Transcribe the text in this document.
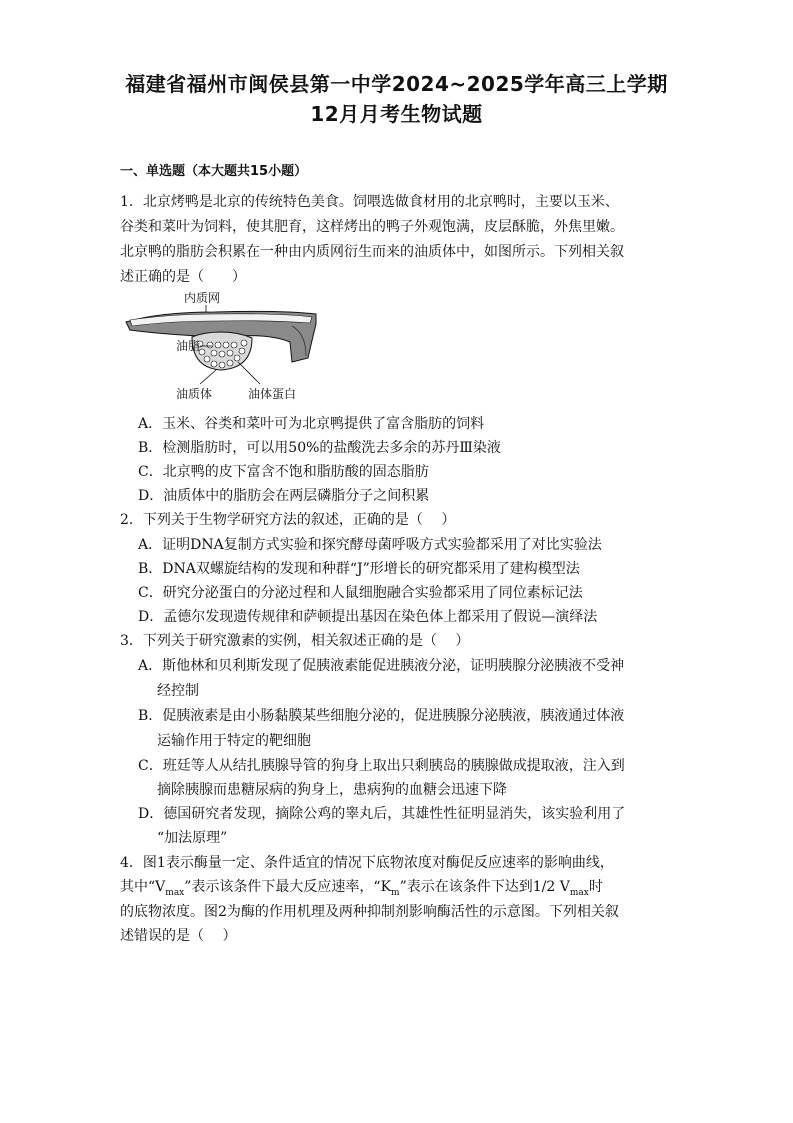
福建省福州市闽侯县第一中学2024~2025学年高三上学期
12月月考生物试题
一、单选题（本大题共15小题）
1．北京烤鸭是北京的传统特色美食。饲喂选做食材用的北京鸭时，主要以玉米、
谷类和菜叶为饲料，使其肥育，这样烤出的鸭子外观饱满，皮层酥脆，外焦里嫩。
北京鸭的脂肪会积累在一种由内质网衍生而来的油质体中，如图所示。下列相关叙
述正确的是（　　）
内质网
油脂
油质体	油体蛋白
A．玉米、谷类和菜叶可为北京鸭提供了富含脂肪的饲料
B．检测脂肪时，可以用50%的盐酸洗去多余的苏丹Ⅲ染液
C．北京鸭的皮下富含不饱和脂肪酸的固态脂肪
D．油质体中的脂肪会在两层磷脂分子之间积累
2．下列关于生物学研究方法的叙述，正确的是（　 ）
A．证明DNA复制方式实验和探究酵母菌呼吸方式实验都采用了对比实验法
B．DNA双螺旋结构的发现和种群“J”形增长的研究都采用了建构模型法
C．研究分泌蛋白的分泌过程和人鼠细胞融合实验都采用了同位素标记法
D．孟德尔发现遗传规律和萨顿提出基因在染色体上都采用了假说—演绎法
3．下列关于研究激素的实例，相关叙述正确的是（　 ）
A．斯他林和贝利斯发现了促胰液素能促进胰液分泌，证明胰腺分泌胰液不受神
经控制
B．促胰液素是由小肠黏膜某些细胞分泌的，促进胰腺分泌胰液，胰液通过体液
运输作用于特定的靶细胞
C．班廷等人从结扎胰腺导管的狗身上取出只剩胰岛的胰腺做成提取液，注入到
摘除胰腺而患糖尿病的狗身上，患病狗的血糖会迅速下降
D．德国研究者发现，摘除公鸡的睾丸后，其雄性性征明显消失，该实验利用了
“加法原理”
4．图1表示酶量一定、条件适宜的情况下底物浓度对酶促反应速率的影响曲线，
其中“$V_{max}$”表示该条件下最大反应速率，“$K_m$”表示在该条件下达到1/2 $V_{max}$时
的底物浓度。图2为酶的作用机理及两种抑制剂影响酶活性的示意图。下列相关叙
述错误的是（　 ）
